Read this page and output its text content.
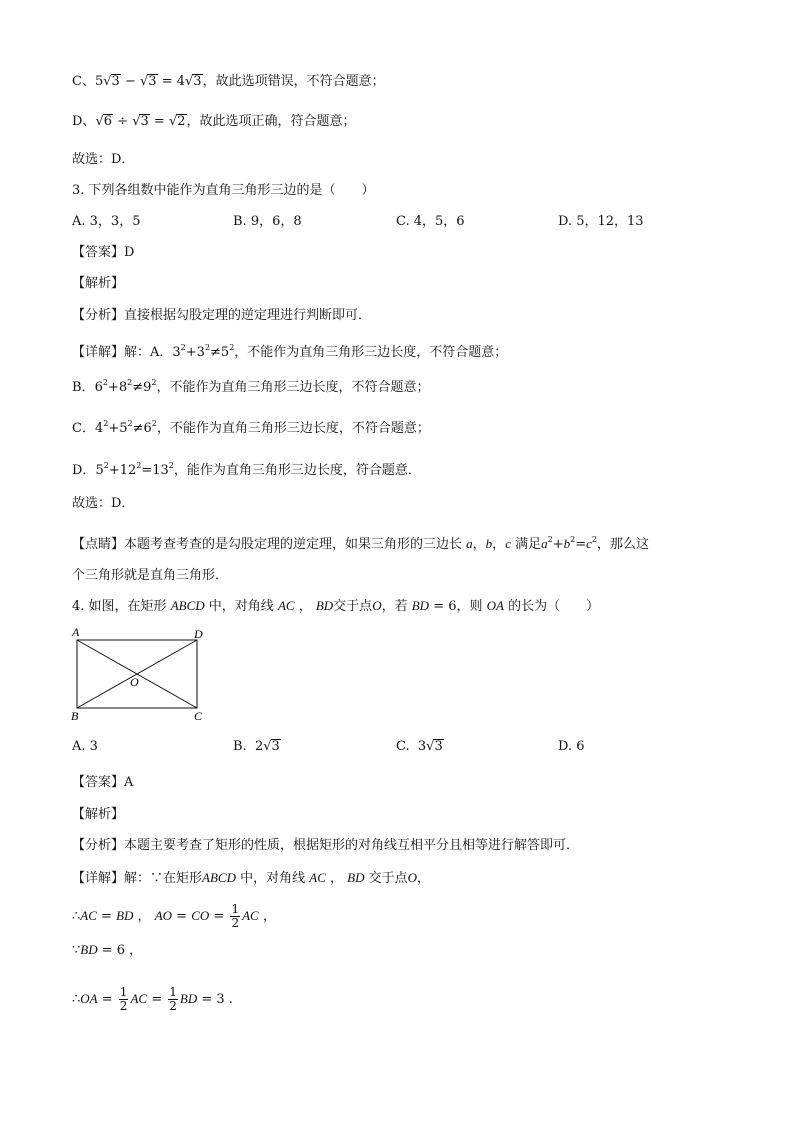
C、5√3 − √3 = 4√3，故此选项错误，不符合题意；
D、√6 ÷ √3 = √2，故此选项正确，符合题意；
故选：D．
3. 下列各组数中能作为直角三角形三边的是（　　）
A. 3，3，5	B. 9，6，8	C. 4，5，6	D. 5，12，13
【答案】D
【解析】
【分析】直接根据勾股定理的逆定理进行判断即可．
【详解】解：A．$3^2+3^2\ne 5^2$，不能作为直角三角形三边长度，不符合题意；
B．$6^2+8^2\ne 9^2$，不能作为直角三角形三边长度，不符合题意；
C．$4^2+5^2\ne 6^2$，不能作为直角三角形三边长度，不符合题意；
D．$5^2+12^2=13^2$，能作为直角三角形三边长度，符合题意．
故选：D．
【点睛】本题考查考查的是勾股定理的逆定理，如果三角形的三边长 a，b，c 满足$a^2+b^2=c^2$，那么这
个三角形就是直角三角形．
4. 如图，在矩形 ABCD 中，对角线 AC ， BD交于点O，若 BD = 6，则 OA 的长为（　　）
A	D
O
B	C
A. 3	B.  2√3	C.  3√3	D. 6
【答案】A
【解析】
【分析】本题主要考查了矩形的性质，根据矩形的对角线互相平分且相等进行解答即可．
【详解】解：∵在矩形ABCD 中，对角线 AC ， BD 交于点O，
∴AC = BD ， AO = CO = $\frac{1}{2}$ AC ，
∵BD = 6 ，
∴OA = $\frac{1}{2}$ AC = $\frac{1}{2}$ BD = 3 .
